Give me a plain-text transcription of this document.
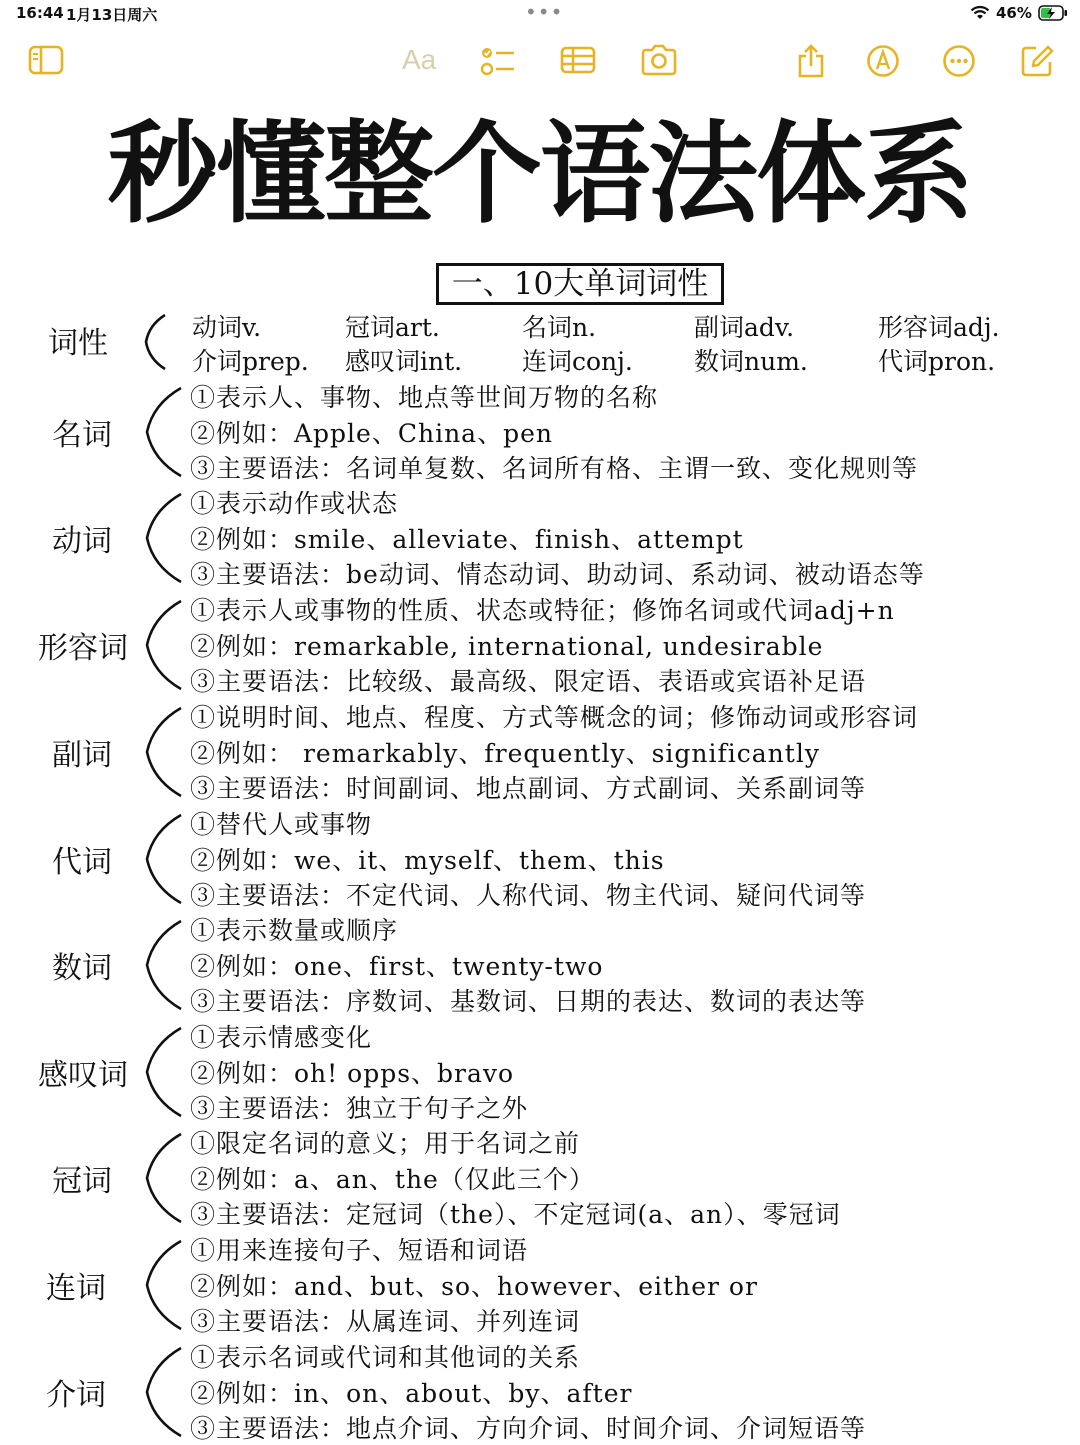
16:44 1月13日周六	•••	46%
Aa
秒懂整个语法体系
一、10大单词词性
词性	动词v.	冠词art.	名词n.	副词adv.	形容词adj.
介词prep. 感叹词int. 连词conj. 数词num.	代词pron.
名词
①表示人、事物、地点等世间万物的名称
②例如：Apple、China、pen
③主要语法：名词单复数、名词所有格、主谓一致、变化规则等
动词
①表示动作或状态
②例如：smile、alleviate、finish、attempt
③主要语法：be动词、情态动词、助动词、系动词、被动语态等
形容词
①表示人或事物的性质、状态或特征；修饰名词或代词adj+n
②例如：remarkable, international, undesirable
③主要语法：比较级、最高级、限定语、表语或宾语补足语
副词
①说明时间、地点、程度、方式等概念的词；修饰动词或形容词
②例如： remarkably、frequently、significantly
③主要语法：时间副词、地点副词、方式副词、关系副词等
代词
①替代人或事物
②例如：we、it、myself、them、this
③主要语法：不定代词、人称代词、物主代词、疑问代词等
数词
①表示数量或顺序
②例如：one、first、twenty-two
③主要语法：序数词、基数词、日期的表达、数词的表达等
感叹词
①表示情感变化
②例如：oh! opps、bravo
③主要语法：独立于句子之外
冠词
①限定名词的意义；用于名词之前
②例如：a、an、the（仅此三个）
③主要语法：定冠词（the）、不定冠词(a、an）、零冠词
连词
①用来连接句子、短语和词语
②例如：and、but、so、however、either or
③主要语法：从属连词、并列连词
介词
①表示名词或代词和其他词的关系
②例如：in、on、about、by、after
③主要语法：地点介词、方向介词、时间介词、介词短语等
